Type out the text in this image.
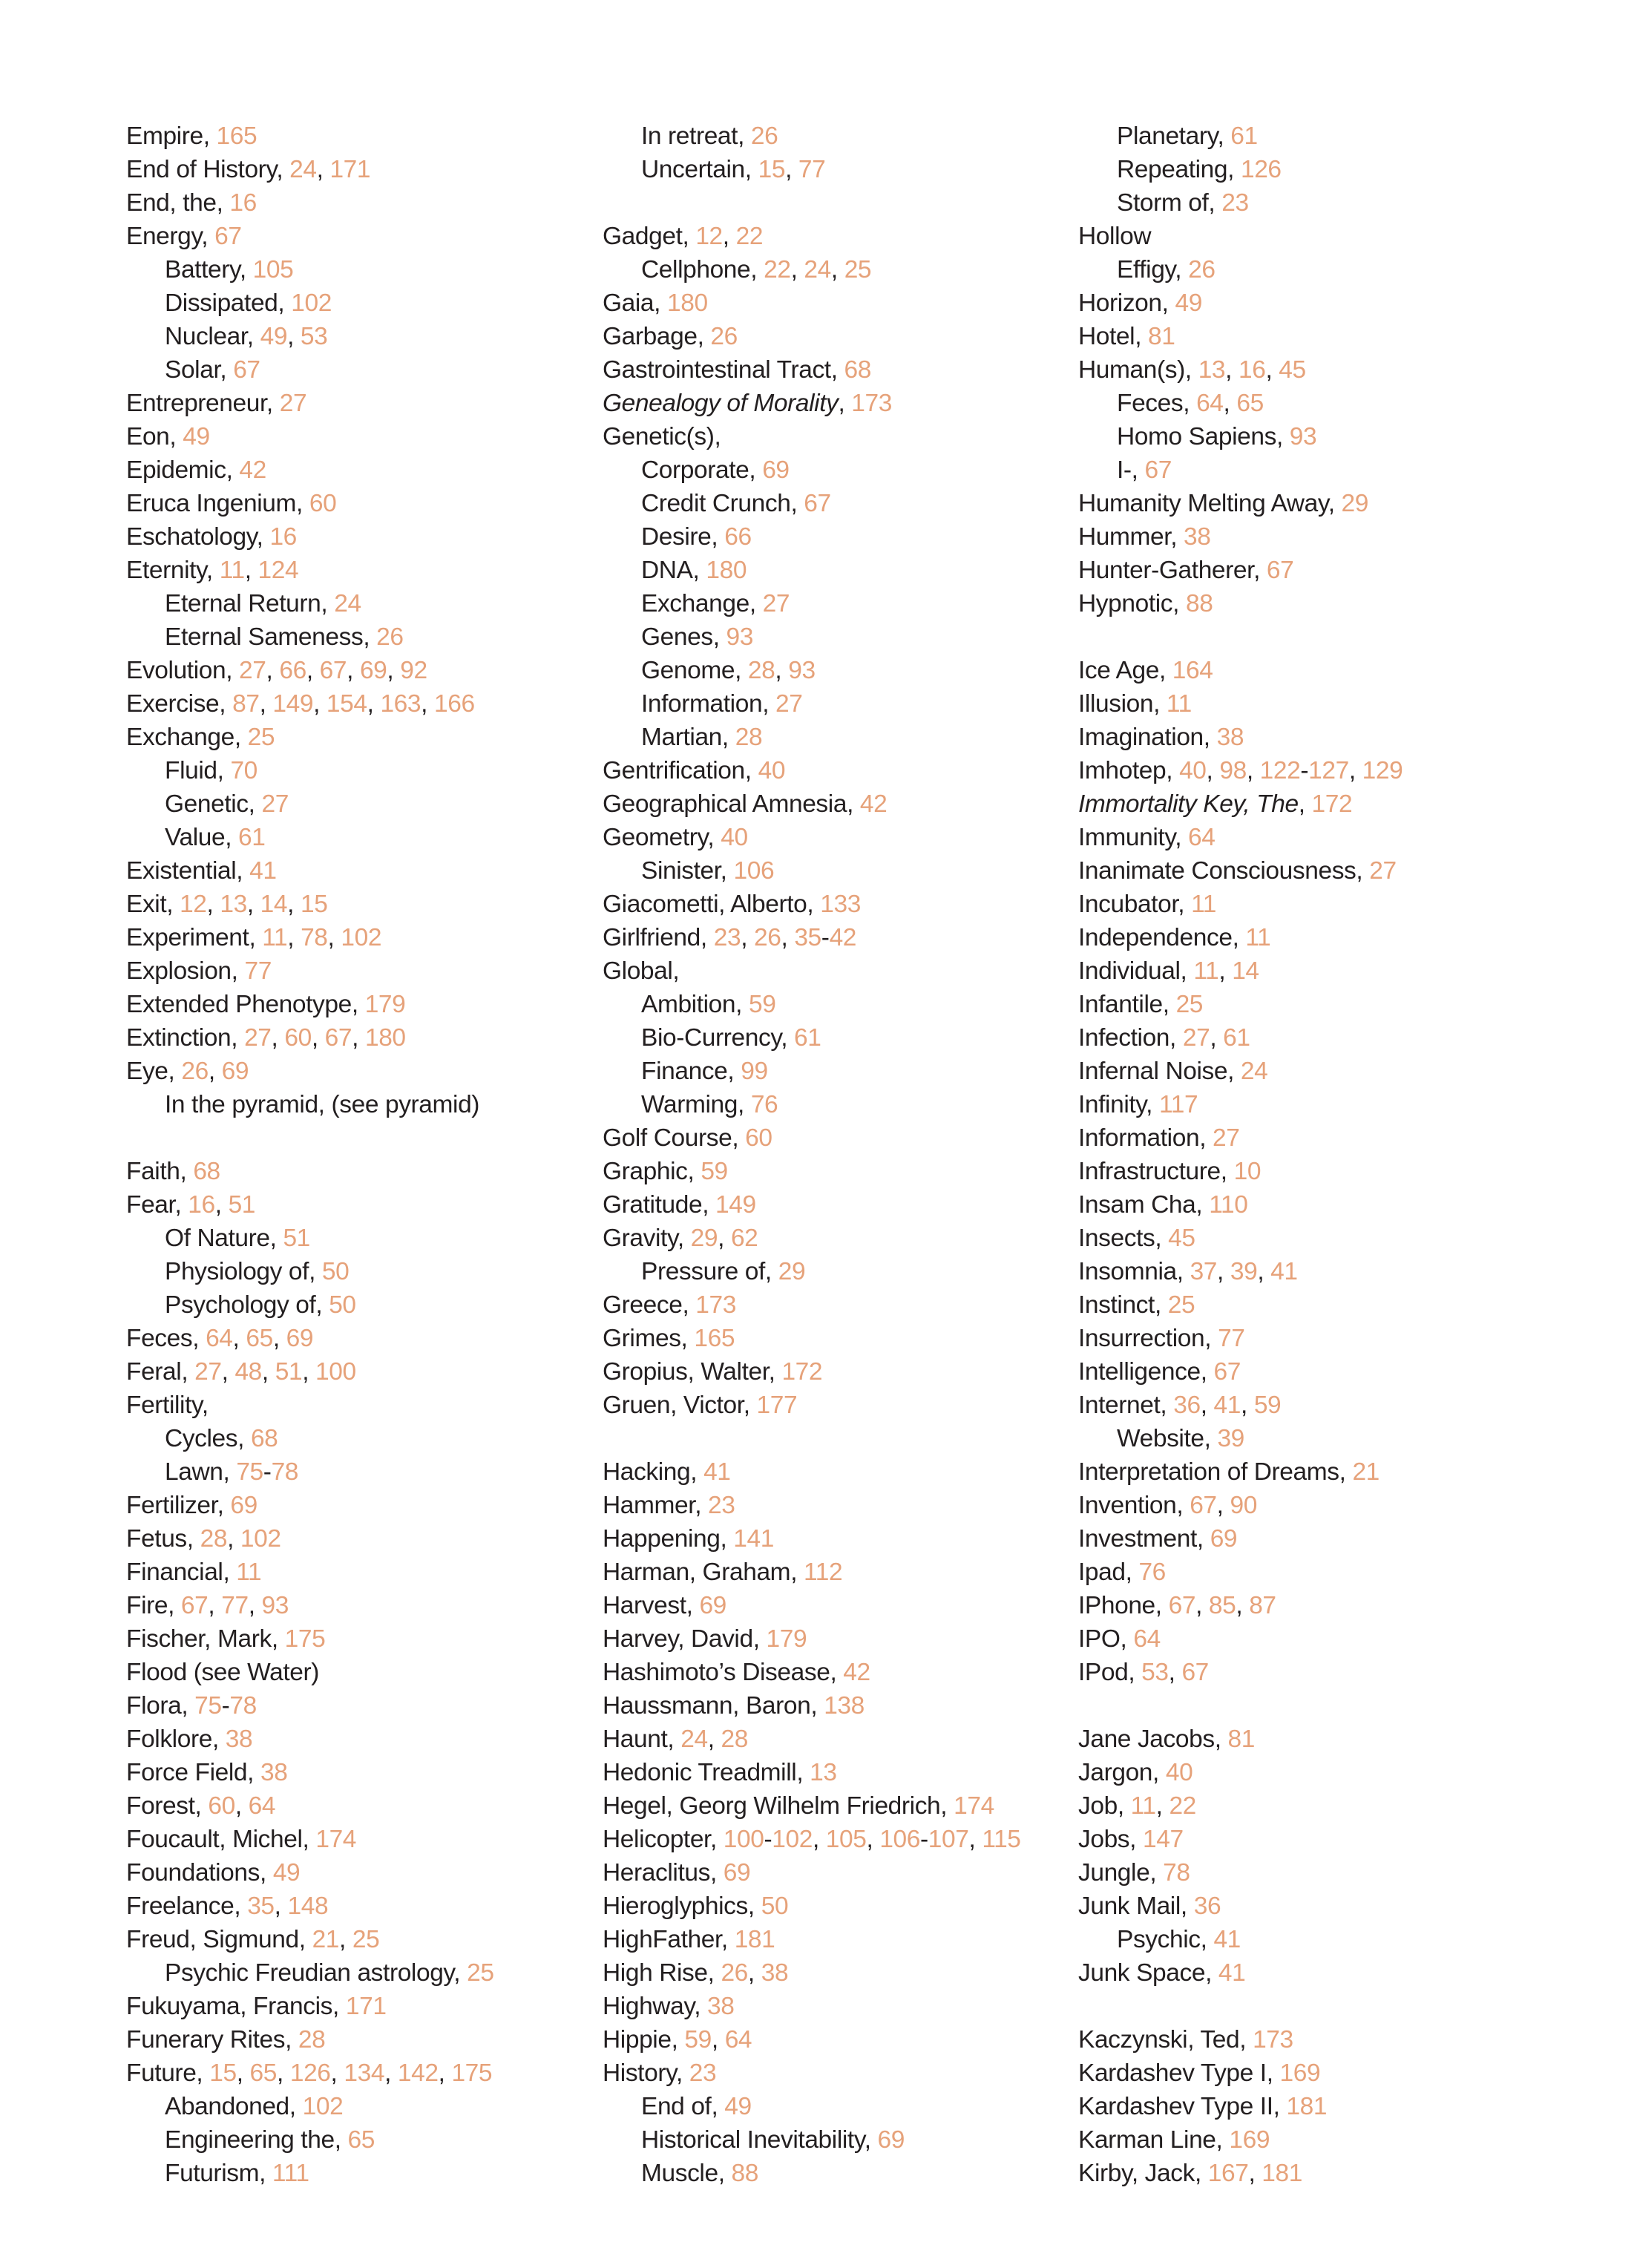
Empire, 165
End of History, 24, 171
End, the, 16
Energy, 67
Battery, 105
Dissipated, 102
Nuclear, 49, 53
Solar, 67
Entrepreneur, 27
Eon, 49
Epidemic, 42
Eruca Ingenium, 60
Eschatology, 16
Eternity, 11, 124
Eternal Return, 24
Eternal Sameness, 26
Evolution, 27, 66, 67, 69, 92
Exercise, 87, 149, 154, 163, 166
Exchange, 25
Fluid, 70
Genetic, 27
Value, 61
Existential, 41
Exit, 12, 13, 14, 15
Experiment, 11, 78, 102
Explosion, 77
Extended Phenotype, 179
Extinction, 27, 60, 67, 180
Eye, 26, 69
In the pyramid, (see pyramid)
Faith, 68
Fear, 16, 51
Of Nature, 51
Physiology of, 50
Psychology of, 50
Feces, 64, 65, 69
Feral, 27, 48, 51, 100
Fertility,
Cycles, 68
Lawn, 75-78
Fertilizer, 69
Fetus, 28, 102
Financial, 11
Fire, 67, 77, 93
Fischer, Mark, 175
Flood (see Water)
Flora, 75-78
Folklore, 38
Force Field, 38
Forest, 60, 64
Foucault, Michel, 174
Foundations, 49
Freelance, 35, 148
Freud, Sigmund, 21, 25
Psychic Freudian astrology, 25
Fukuyama, Francis, 171
Funerary Rites, 28
Future, 15, 65, 126, 134, 142, 175
Abandoned, 102
Engineering the, 65
Futurism, 111
In retreat, 26
Uncertain, 15, 77
Gadget, 12, 22
Cellphone, 22, 24, 25
Gaia, 180
Garbage, 26
Gastrointestinal Tract, 68
Genealogy of Morality, 173
Genetic(s),
Corporate, 69
Credit Crunch, 67
Desire, 66
DNA, 180
Exchange, 27
Genes, 93
Genome, 28, 93
Information, 27
Martian, 28
Gentrification, 40
Geographical Amnesia, 42
Geometry, 40
Sinister, 106
Giacometti, Alberto, 133
Girlfriend, 23, 26, 35-42
Global,
Ambition, 59
Bio-Currency, 61
Finance, 99
Warming, 76
Golf Course, 60
Graphic, 59
Gratitude, 149
Gravity, 29, 62
Pressure of, 29
Greece, 173
Grimes, 165
Gropius, Walter, 172
Gruen, Victor, 177
Hacking, 41
Hammer, 23
Happening, 141
Harman, Graham, 112
Harvest, 69
Harvey, David, 179
Hashimoto’s Disease, 42
Haussmann, Baron, 138
Haunt, 24, 28
Hedonic Treadmill, 13
Hegel, Georg Wilhelm Friedrich, 174
Helicopter, 100-102, 105, 106-107, 115
Heraclitus, 69
Hieroglyphics, 50
HighFather, 181
High Rise, 26, 38
Highway, 38
Hippie, 59, 64
History, 23
End of, 49
Historical Inevitability, 69
Muscle, 88
Planetary, 61
Repeating, 126
Storm of, 23
Hollow
Effigy, 26
Horizon, 49
Hotel, 81
Human(s), 13, 16, 45
Feces, 64, 65
Homo Sapiens, 93
I-, 67
Humanity Melting Away, 29
Hummer, 38
Hunter-Gatherer, 67
Hypnotic, 88
Ice Age, 164
Illusion, 11
Imagination, 38
Imhotep, 40, 98, 122-127, 129
Immortality Key, The, 172
Immunity, 64
Inanimate Consciousness, 27
Incubator, 11
Independence, 11
Individual, 11, 14
Infantile, 25
Infection, 27, 61
Infernal Noise, 24
Infinity, 117
Information, 27
Infrastructure, 10
Insam Cha, 110
Insects, 45
Insomnia, 37, 39, 41
Instinct, 25
Insurrection, 77
Intelligence, 67
Internet, 36, 41, 59
Website, 39
Interpretation of Dreams, 21
Invention, 67, 90
Investment, 69
Ipad, 76
IPhone, 67, 85, 87
IPO, 64
IPod, 53, 67
Jane Jacobs, 81
Jargon, 40
Job, 11, 22
Jobs, 147
Jungle, 78
Junk Mail, 36
Psychic, 41
Junk Space, 41
Kaczynski, Ted, 173
Kardashev Type I, 169
Kardashev Type II, 181
Karman Line, 169
Kirby, Jack, 167, 181
